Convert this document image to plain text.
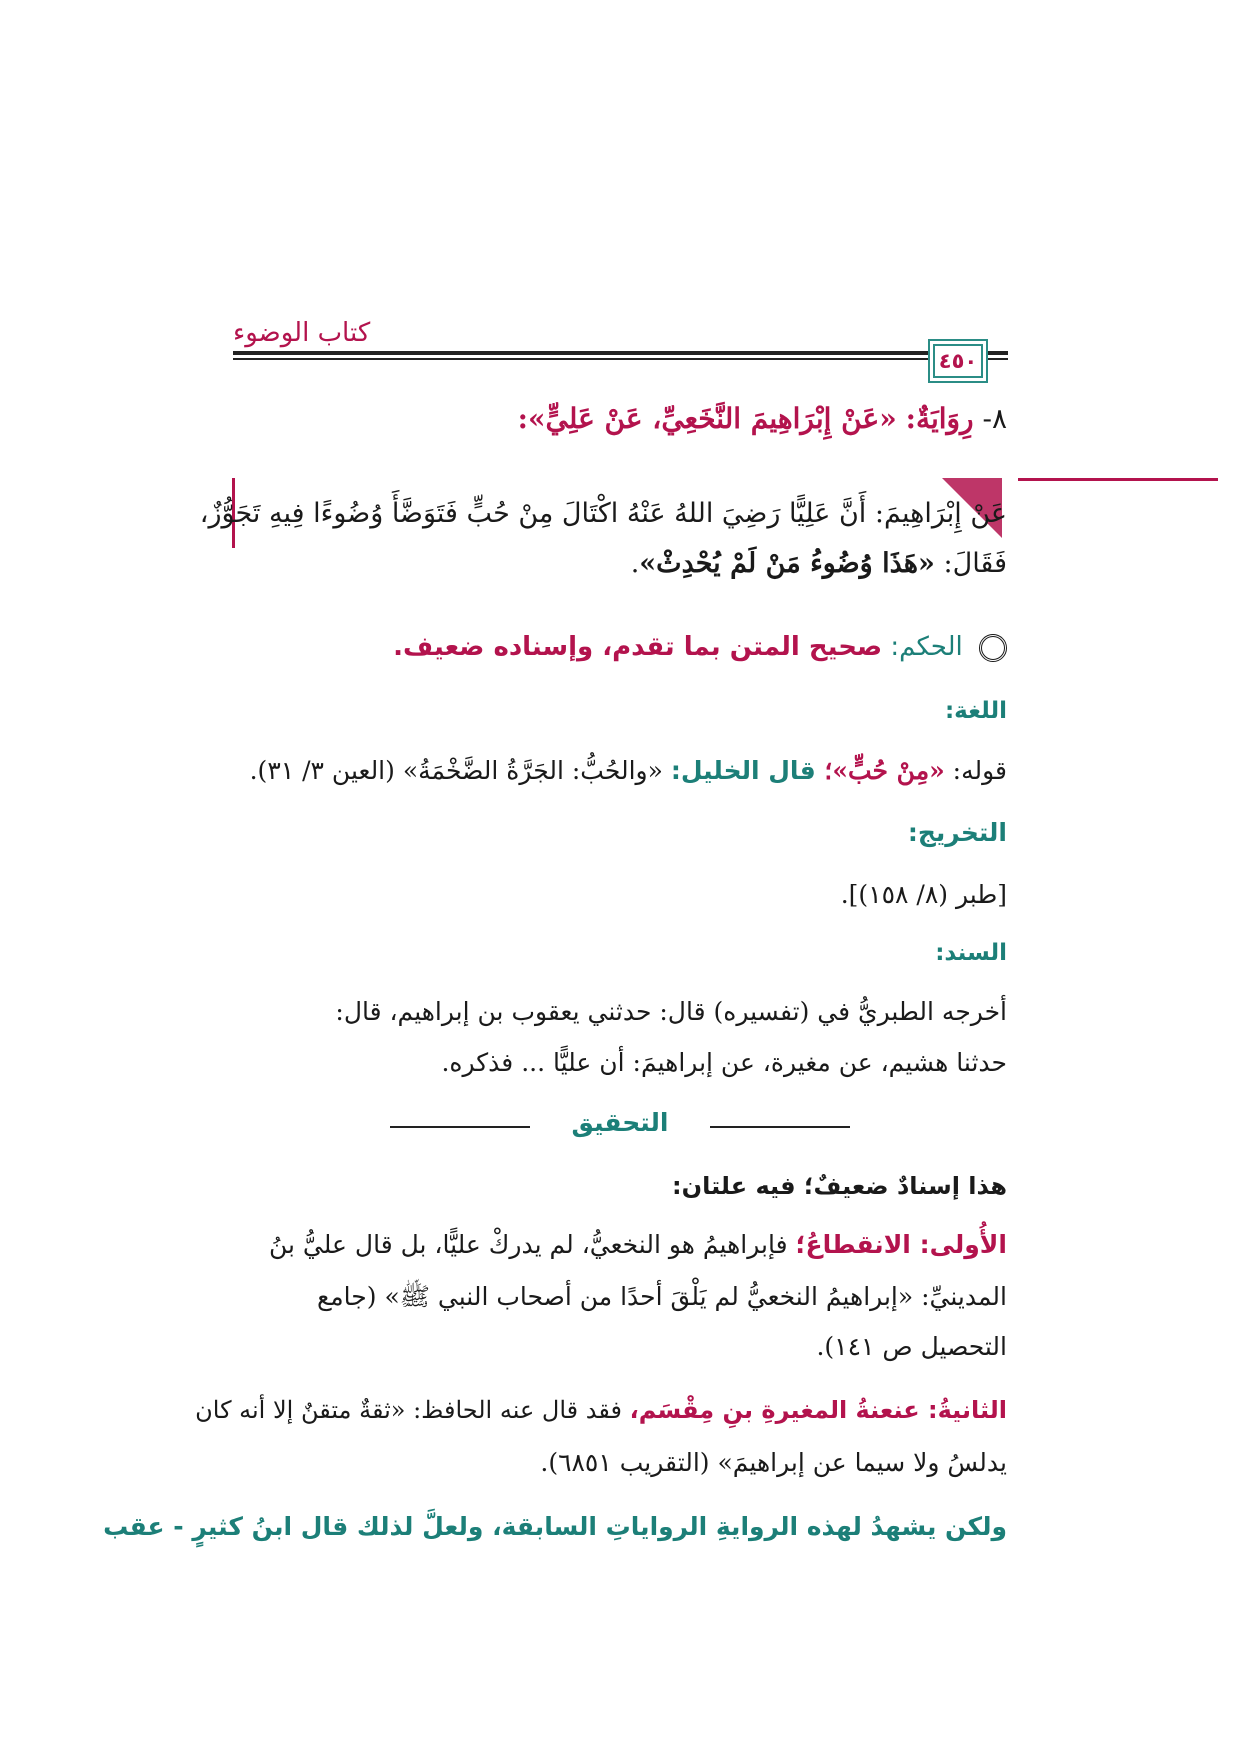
كتاب الوضوء
٤٥٠
٨- رِوَايَةٌ: «عَنْ إِبْرَاهِيمَ النَّخَعِيِّ، عَنْ عَلِيٍّ»:
عَنْ إِبْرَاهِيمَ: أَنَّ عَلِيًّا رَضِيَ اللهُ عَنْهُ اكْتَالَ مِنْ حُبٍّ فَتَوَضَّأَ وُضُوءًا فِيهِ تَجَوُّزٌ،
فَقَالَ: «هَذَا وُضُوءُ مَنْ لَمْ يُحْدِثْ».
الحكم: صحيح المتن بما تقدم، وإسناده ضعيف.
اللغة:
قوله: «مِنْ حُبٍّ»؛ قال الخليل: «والحُبُّ: الجَرَّةُ الضَّخْمَةُ» (العين ٣/ ٣١).
التخريج:
[طبر (٨/ ١٥٨)].
السند:
أخرجه الطبريُّ في (تفسيره) قال: حدثني يعقوب بن إبراهيم، قال:
حدثنا هشيم، عن مغيرة، عن إبراهيمَ: أن عليًّا ... فذكره.
التحقيق
هذا إسنادٌ ضعيفٌ؛ فيه علتان:
الأُولى: الانقطاعُ؛ فإبراهيمُ هو النخعيُّ، لم يدركْ عليًّا، بل قال عليُّ بنُ
المدينيِّ: «إبراهيمُ النخعيُّ لم يَلْقَ أحدًا من أصحاب النبي ﷺ» (جامع
التحصيل ص ١٤١).
الثانيةُ: عنعنةُ المغيرةِ بنِ مِقْسَم، فقد قال عنه الحافظ: «ثقةٌ متقنٌ إلا أنه كان
يدلسُ ولا سيما عن إبراهيمَ» (التقريب ٦٨٥١).
ولكن يشهدُ لهذه الروايةِ الرواياتِ السابقة، ولعلَّ لذلك قال ابنُ كثيرٍ - عقب
